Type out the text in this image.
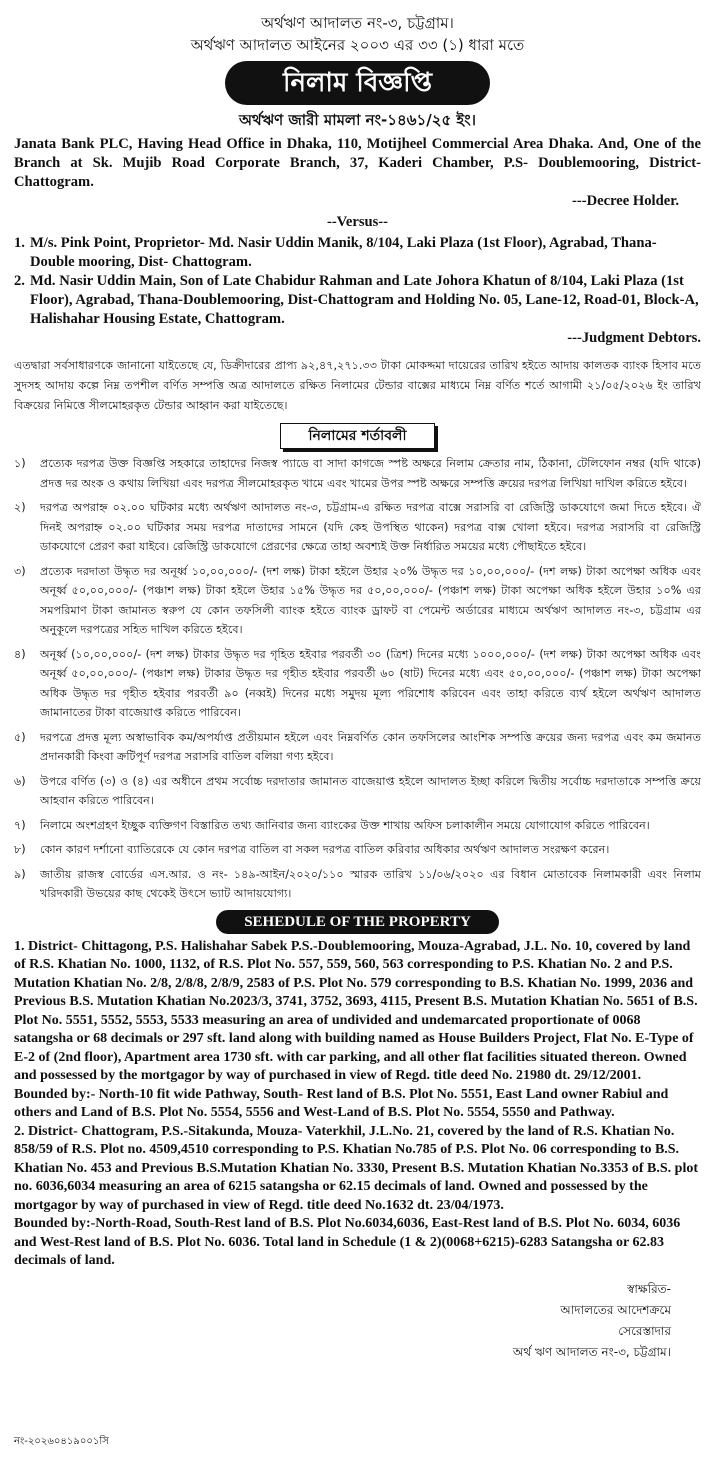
অর্থঋণ আদালত নং-৩, চট্টগ্রাম।
অর্থঋণ আদালত আইনের ২০০৩ এর ৩৩ (১) ধারা মতে
নিলাম বিজ্ঞপ্তি
অর্থঋণ জারী মামলা নং-১৪৬১/২৫ ইং।
Janata Bank PLC, Having Head Office in Dhaka, 110, Motijheel Commercial Area Dhaka. And, One of the Branch at Sk. Mujib Road Corporate Branch, 37, Kaderi Chamber, P.S- Doublemooring, District- Chattogram.
---Decree Holder.
--Versus--
1. M/s. Pink Point, Proprietor- Md. Nasir Uddin Manik, 8/104, Laki Plaza (1st Floor), Agrabad, Thana-Double mooring, Dist- Chattogram.
2. Md. Nasir Uddin Main, Son of Late Chabidur Rahman and Late Johora Khatun of 8/104, Laki Plaza (1st Floor), Agrabad, Thana-Doublemooring, Dist-Chattogram and Holding No. 05, Lane-12, Road-01, Block-A, Halishahar Housing Estate, Chattogram.
---Judgment Debtors.
এতদ্বারা সর্বসাধারণকে জানানো যাইতেছে যে, ডিক্রীদারের প্রাপ্য ৯২,৪৭,২৭১.৩৩ টাকা মোকদ্দমা দায়েরের তারিখ হইতে আদায় কালতক ব্যাংক হিসাব মতে সুদসহ আদায় কল্পে নিম্ন তপশীল বর্ণিত সম্পত্তি অত্র আদালতে রক্ষিত নিলামের টেন্ডার বাক্সের মাধ্যমে নিম্ন বর্ণিত শর্তে আগামী ২১/০৫/২০২৬ ইং তারিখ বিক্রয়ের নিমিত্তে সীলমোহরকৃত টেন্ডার আহ্বান করা যাইতেছে।
নিলামের শর্তাবলী
১)	প্রত্যেক দরপত্র উক্ত বিজ্ঞপ্তি সহকারে তাহাদের নিজস্ব প্যাডে বা সাদা কাগজে স্পষ্ট অক্ষরে নিলাম ক্রেতার নাম, ঠিকানা, টেলিফোন নম্বর (যদি থাকে) প্রদত্ত দর অংক ও কথায় লিখিয়া এবং দরপত্র সীলমোহরকৃত খামে এবং খামের উপর স্পষ্ট অক্ষরে সম্পত্তি ক্রয়ের দরপত্র লিখিয়া দাখিল করিতে হইবে।
২)	দরপত্র অপরাহ্ন ০২.০০ ঘটিকার মধ্যে অর্থঋণ আদালত নং-৩, চট্টগ্রাম-এ রক্ষিত দরপত্র বাক্সে সরাসরি বা রেজিস্ট্রি ডাকযোগে জমা দিতে হইবে। ঐ দিনই অপরাহ্ন ০২.০০ ঘটিকার সময় দরপত্র দাতাদের সামনে (যদি কেহ উপস্থিত থাকেন) দরপত্র বাক্স খোলা হইবে। দরপত্র সরাসরি বা রেজিস্ট্রি ডাকযোগে প্রেরণ করা যাইবে। রেজিস্ট্রি ডাকযোগে প্রেরণের ক্ষেত্রে তাহা অবশ্যই উক্ত নির্ধারিত সময়ের মধ্যে পৌছাইতে হইবে।
৩)	প্রত্যেক দরদাতা উদ্ধৃত দর অনূর্ধ্ব ১০,০০,০০০/- (দশ লক্ষ) টাকা হইলে উহার ২০% উদ্ধৃত দর ১০,০০,০০০/- (দশ লক্ষ) টাকা অপেক্ষা অধিক এবং অনূর্ধ্ব ৫০,০০,০০০/- (পঞ্চাশ লক্ষ) টাকা হইলে উহার ১৫% উদ্ধৃত দর ৫০,০০,০০০/- (পঞ্চাশ লক্ষ) টাকা অপেক্ষা অধিক হইলে উহার ১০% এর সমপরিমাণ টাকা জামানত স্বরুপ যে কোন তফসিলী ব্যাংক হইতে ব্যাংক ড্রাফট বা পেমেন্ট অর্ডারের মাধ্যমে অর্থঋণ আদালত নং-৩, চট্টগ্রাম এর অনুকূলে দরপত্রের সহিত দাখিল করিতে হইবে।
৪)	অনূর্ধ্ব (১০,০০,০০০/- (দশ লক্ষ) টাকার উদ্ধৃত দর গৃহিত হইবার পরবর্তী ৩০ (ত্রিশ) দিনের মধ্যে ১০০০,০০০/- (দশ লক্ষ) টাকা অপেক্ষা অধিক এবং অনূর্ধ্ব ৫০,০০,০০০/- (পঞ্চাশ লক্ষ) টাকার উদ্ধৃত দর গৃহীত হইবার পরবর্তী ৬০ (ষাট) দিনের মধ্যে এবং ৫০,০০,০০০/- (পঞ্চাশ লক্ষ) টাকা অপেক্ষা অধিক উদ্ধৃত দর গৃহীত হইবার পরবর্তী ৯০ (নব্বই) দিনের মধ্যে সমুদয় মূল্য পরিশোধ করিবেন এবং তাহা করিতে ব্যর্থ হইলে অর্থঋণ আদালত জামানাতের টাকা বাজেয়াপ্ত করিতে পারিবেন।
৫)	দরপত্রে প্রদত্ত মূল্য অস্বাভাবিক কম/অপর্যাপ্ত প্রতীয়মান হইলে এবং নিম্নবর্ণিত কোন তফসিলের আংশিক সম্পত্তি ক্রয়ের জন্য দরপত্র এবং কম জমানত প্রদানকারী কিংবা ক্রটিপূর্ণ দরপত্র সরাসরি বাতিল বলিয়া গণ্য হইবে।
৬)	উপরে বর্ণিত (৩) ও (৪) এর অধীনে প্রথম সর্বোচ্চ দরদাতার জামানত বাজেয়াপ্ত হইলে আদালত ইচ্ছা করিলে দ্বিতীয় সর্বোচ্চ দরদাতাকে সম্পত্তি ক্রয়ে আহবান করিতে পারিবেন।
৭)	নিলামে অংশগ্রহণ ইচ্ছুক ব্যক্তিগণ বিস্তারিত তথ্য জানিবার জন্য ব্যাংকের উক্ত শাখায় অফিস চলাকালীন সময়ে যোগাযোগ করিতে পারিবেন।
৮)	কোন কারণ দর্শানো ব্যাতিরেকে যে কোন দরপত্র বাতিল বা সকল দরপত্র বাতিল করিবার অধিকার অর্থঋণ আদালত সংরক্ষণ করেন।
৯)	জাতীয় রাজস্ব বোর্ডের এস.আর. ও নং- ১৪৯-আইন/২০২০/১১০ স্মারক তারিখ ১১/০৬/২০২০ এর বিধান মোতাবেক নিলামকারী এবং নিলাম খরিদকারী উভয়ের কাছ থেকেই উৎসে ভ্যাট আদায়যোগ্য।
SEHEDULE OF THE PROPERTY

1. District- Chittagong, P.S. Halishahar Sabek P.S.-Doublemooring, Mouza-Agrabad, J.L. No. 10, covered by land of R.S. Khatian No. 1000, 1132, of R.S. Plot No. 557, 559, 560, 563 corresponding to P.S. Khatian No. 2 and P.S. Mutation Khatian No. 2/8, 2/8/8, 2/8/9, 2583 of P.S. Plot No. 579 corresponding to B.S. Khatian No. 1999, 2036 and Previous B.S. Mutation Khatian No.2023/3, 3741, 3752, 3693, 4115, Present B.S. Mutation Khatian No. 5651 of B.S. Plot No. 5551, 5552, 5553, 5533 measuring an area of undivided and undemarcated proportionate of 0068 satangsha or 68 decimals or 297 sft. land along with building named as House Builders Project, Flat No. E-Type of E-2 of (2nd floor), Apartment area 1730 sft. with car parking, and all other flat facilities situated thereon. Owned and possessed by the mortgagor by way of purchased in view of Regd. title deed No. 21980 dt. 29/12/2001.

Bounded by:- North-10 fit wide Pathway, South- Rest land of B.S. Plot No. 5551, East Land owner Rabiul and others and Land of B.S. Plot No. 5554, 5556 and West-Land of B.S. Plot No. 5554, 5550 and Pathway.

2. District- Chattogram, P.S.-Sitakunda, Mouza- Vaterkhil, J.L.No. 21, covered by the land of R.S. Khatian No. 858/59 of R.S. Plot no. 4509,4510 corresponding to P.S. Khatian No.785 of P.S. Plot No. 06 corresponding to B.S. Khatian No. 453 and Previous B.S.Mutation Khatian No. 3330, Present B.S. Mutation Khatian No.3353 of B.S. plot no. 6036,6034 measuring an area of 6215 satangsha or 62.15 decimals of land. Owned and possessed by the mortgagor by way of purchased in view of Regd. title deed No.1632 dt. 23/04/1973.

Bounded by:-North-Road, South-Rest land of B.S. Plot No.6034,6036, East-Rest land of B.S. Plot No. 6034, 6036 and West-Rest land of B.S. Plot No. 6036. Total land in Schedule (1 & 2)(0068+6215)-6283 Satangsha or 62.83 decimals of land.

স্বাক্ষরিত-
আদালতের আদেশক্রমে
সেরেস্তাদার
অর্থ ঋণ আদালত নং-৩, চট্টগ্রাম।
নং-২০২৬০৪১৯০০১সি
